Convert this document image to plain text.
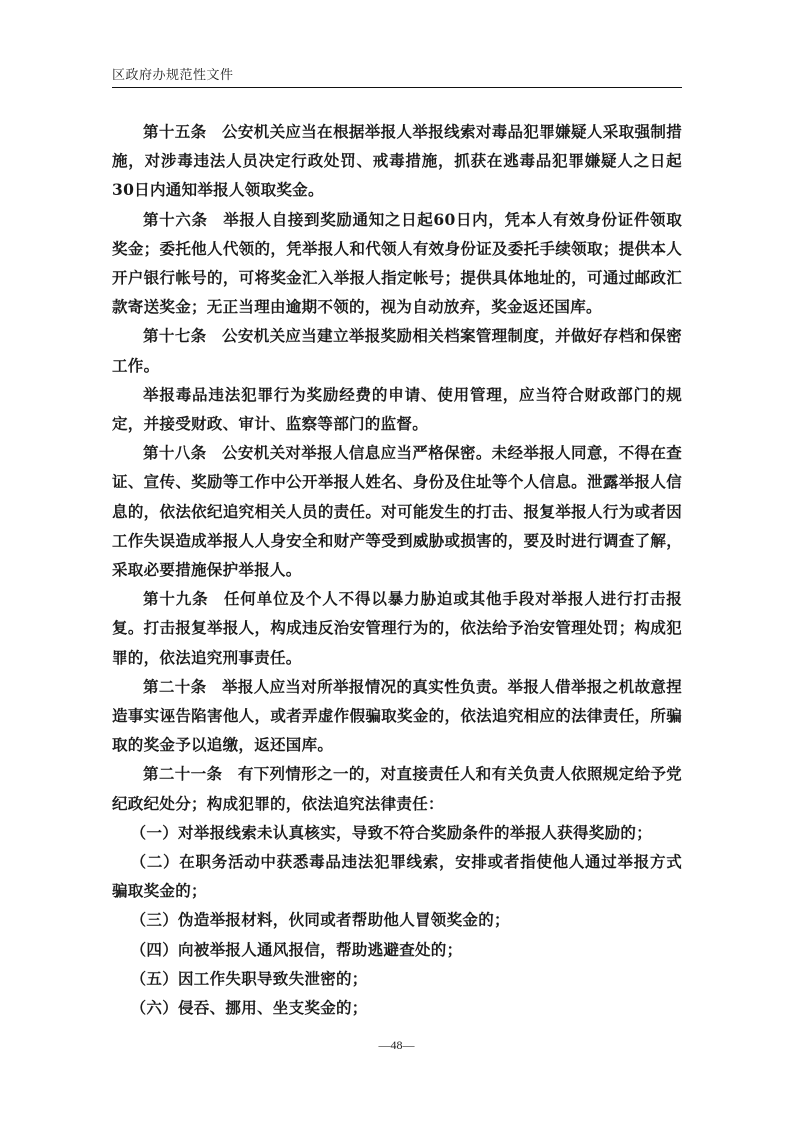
区政府办规范性文件

第十五条 公安机关应当在根据举报人举报线索对毒品犯罪嫌疑人采取强制措施，对涉毒违法人员决定行政处罚、戒毒措施，抓获在逃毒品犯罪嫌疑人之日起30日内通知举报人领取奖金。

第十六条 举报人自接到奖励通知之日起60日内，凭本人有效身份证件领取奖金；委托他人代领的，凭举报人和代领人有效身份证及委托手续领取；提供本人开户银行帐号的，可将奖金汇入举报人指定帐号；提供具体地址的，可通过邮政汇款寄送奖金；无正当理由逾期不领的，视为自动放弃，奖金返还国库。

第十七条 公安机关应当建立举报奖励相关档案管理制度，并做好存档和保密工作。

举报毒品违法犯罪行为奖励经费的申请、使用管理，应当符合财政部门的规定，并接受财政、审计、监察等部门的监督。

第十八条 公安机关对举报人信息应当严格保密。未经举报人同意，不得在查证、宣传、奖励等工作中公开举报人姓名、身份及住址等个人信息。泄露举报人信息的，依法依纪追究相关人员的责任。对可能发生的打击、报复举报人行为或者因工作失误造成举报人人身安全和财产等受到威胁或损害的，要及时进行调查了解，采取必要措施保护举报人。

第十九条 任何单位及个人不得以暴力胁迫或其他手段对举报人进行打击报复。打击报复举报人，构成违反治安管理行为的，依法给予治安管理处罚；构成犯罪的，依法追究刑事责任。

第二十条 举报人应当对所举报情况的真实性负责。举报人借举报之机故意捏造事实诬告陷害他人，或者弄虚作假骗取奖金的，依法追究相应的法律责任，所骗取的奖金予以追缴，返还国库。

第二十一条 有下列情形之一的，对直接责任人和有关负责人依照规定给予党纪政纪处分；构成犯罪的，依法追究法律责任：

（一）对举报线索未认真核实，导致不符合奖励条件的举报人获得奖励的；

（二）在职务活动中获悉毒品违法犯罪线索，安排或者指使他人通过举报方式骗取奖金的；

（三）伪造举报材料，伙同或者帮助他人冒领奖金的；

（四）向被举报人通风报信，帮助逃避查处的；

（五）因工作失职导致失泄密的；

（六）侵吞、挪用、坐支奖金的；

—48—
